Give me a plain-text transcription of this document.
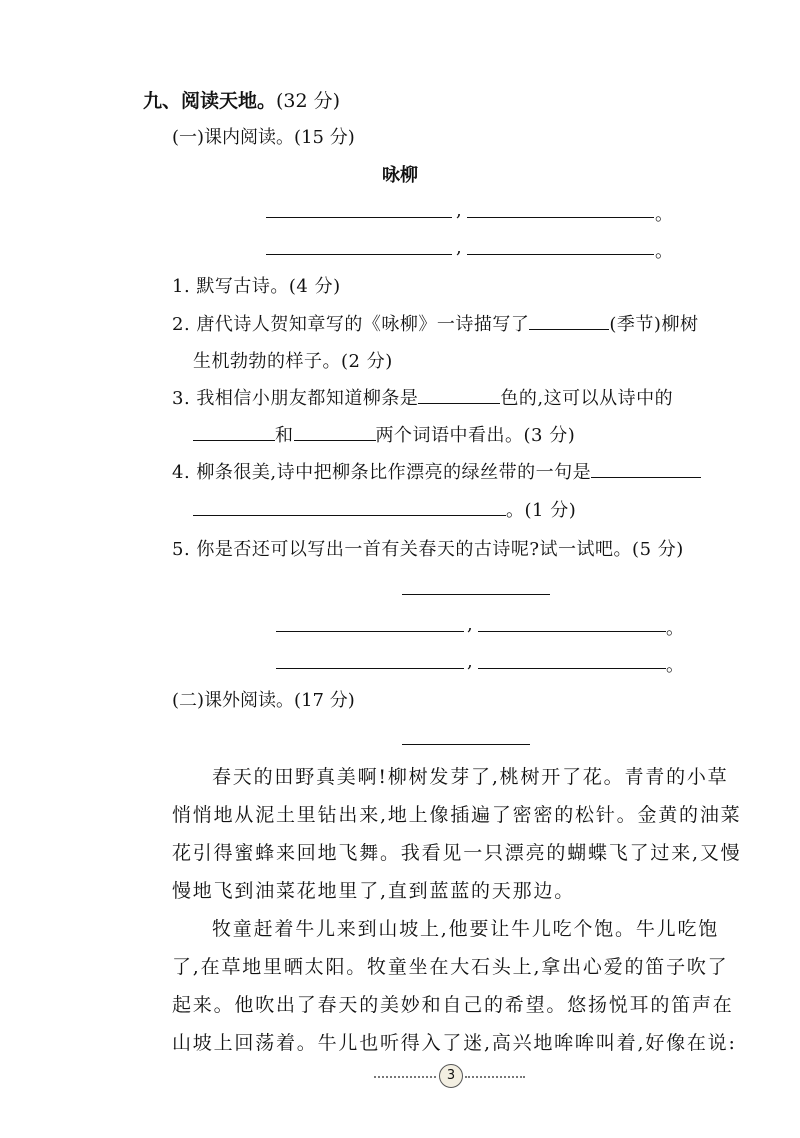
九、阅读天地。(32 分)
(一)课内阅读。(15 分)
咏柳
,	。
,	。
1. 默写古诗。(4 分)
2. 唐代诗人贺知章写的《咏柳》一诗描写了	(季节)柳树
生机勃勃的样子。(2 分)
3. 我相信小朋友都知道柳条是	色的,这可以从诗中的
和	两个词语中看出。(3 分)
4. 柳条很美,诗中把柳条比作漂亮的绿丝带的一句是
。(1 分)
5. 你是否还可以写出一首有关春天的古诗呢?试一试吧。(5 分)
,	。
,	。
(二)课外阅读。(17 分)
春天的田野真美啊!柳树发芽了,桃树开了花。青青的小草
悄悄地从泥土里钻出来,地上像插遍了密密的松针。金黄的油菜
花引得蜜蜂来回地飞舞。我看见一只漂亮的蝴蝶飞了过来,又慢
慢地飞到油菜花地里了,直到蓝蓝的天那边。
牧童赶着牛儿来到山坡上,他要让牛儿吃个饱。牛儿吃饱
了,在草地里晒太阳。牧童坐在大石头上,拿出心爱的笛子吹了
起来。他吹出了春天的美妙和自己的希望。悠扬悦耳的笛声在
山坡上回荡着。牛儿也听得入了迷,高兴地哞哞叫着,好像在说:
3
